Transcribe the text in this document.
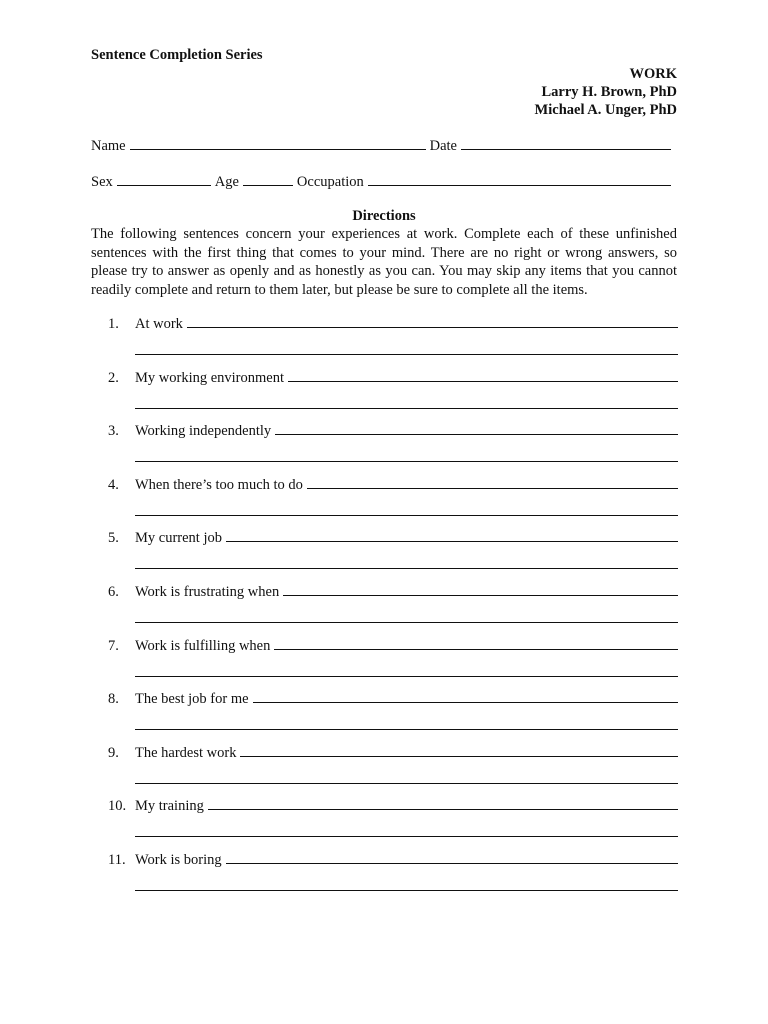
Sentence Completion Series
WORK
Larry H. Brown, PhD
Michael A. Unger, PhD
Name	Date
Sex	Age	Occupation
Directions
The following sentences concern your experiences at work. Complete each of these unfinished sentences with the first thing that comes to your mind. There are no right or wrong answers, so please try to answer as openly and as honestly as you can. You may skip any items that you cannot readily complete and return to them later, but please be sure to complete all the items.
1.	At work
2.	My working environment
3.	Working independently
4.	When there’s too much to do
5.	My current job
6.	Work is frustrating when
7.	Work is fulfilling when
8.	The best job for me
9.	The hardest work
10. My training
11. Work is boring
